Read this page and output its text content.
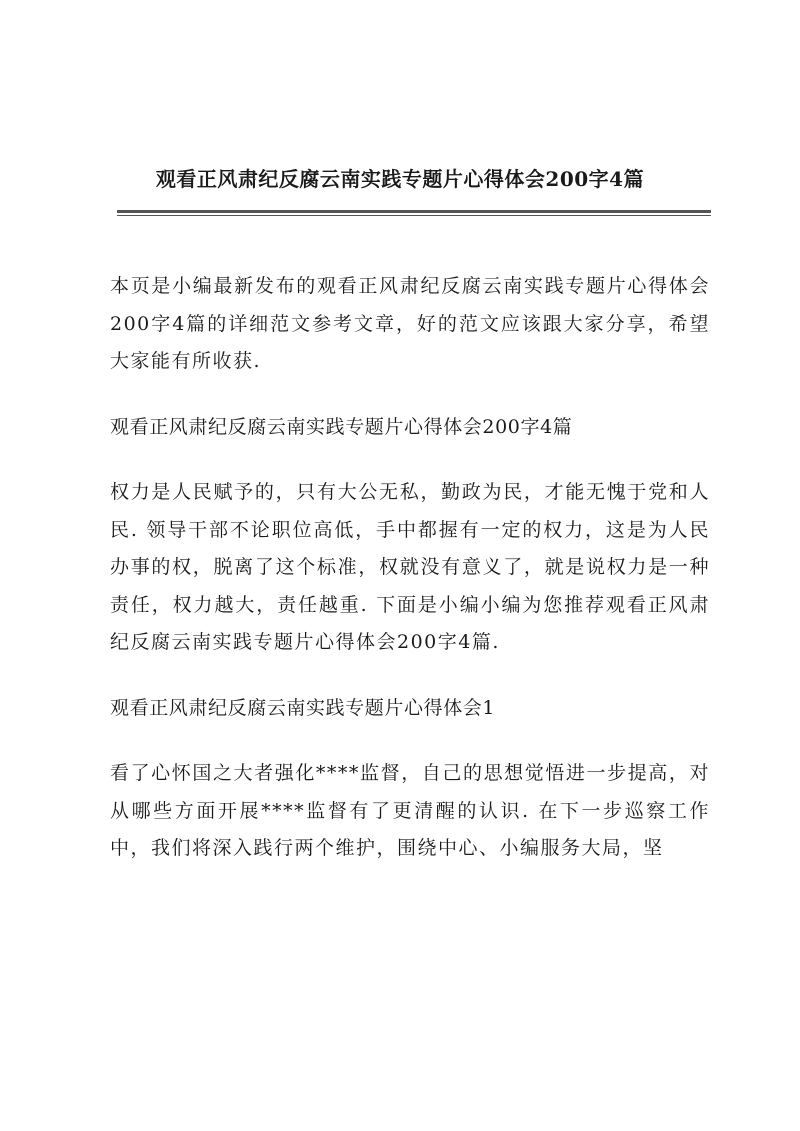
观看正风肃纪反腐云南实践专题片心得体会200字4篇

本页是小编最新发布的观看正风肃纪反腐云南实践专题片心得体会200字4篇的详细范文参考文章，好的范文应该跟大家分享，希望大家能有所收获.

观看正风肃纪反腐云南实践专题片心得体会200字4篇

权力是人民赋予的，只有大公无私，勤政为民，才能无愧于党和人民. 领导干部不论职位高低，手中都握有一定的权力，这是为人民办事的权，脱离了这个标准，权就没有意义了，就是说权力是一种责任，权力越大，责任越重. 下面是小编小编为您推荐观看正风肃纪反腐云南实践专题片心得体会200字4篇.

观看正风肃纪反腐云南实践专题片心得体会1

看了心怀国之大者强化****监督，自己的思想觉悟进一步提高，对从哪些方面开展****监督有了更清醒的认识. 在下一步巡察工作中，我们将深入践行两个维护，围绕中心、小编服务大局，坚
